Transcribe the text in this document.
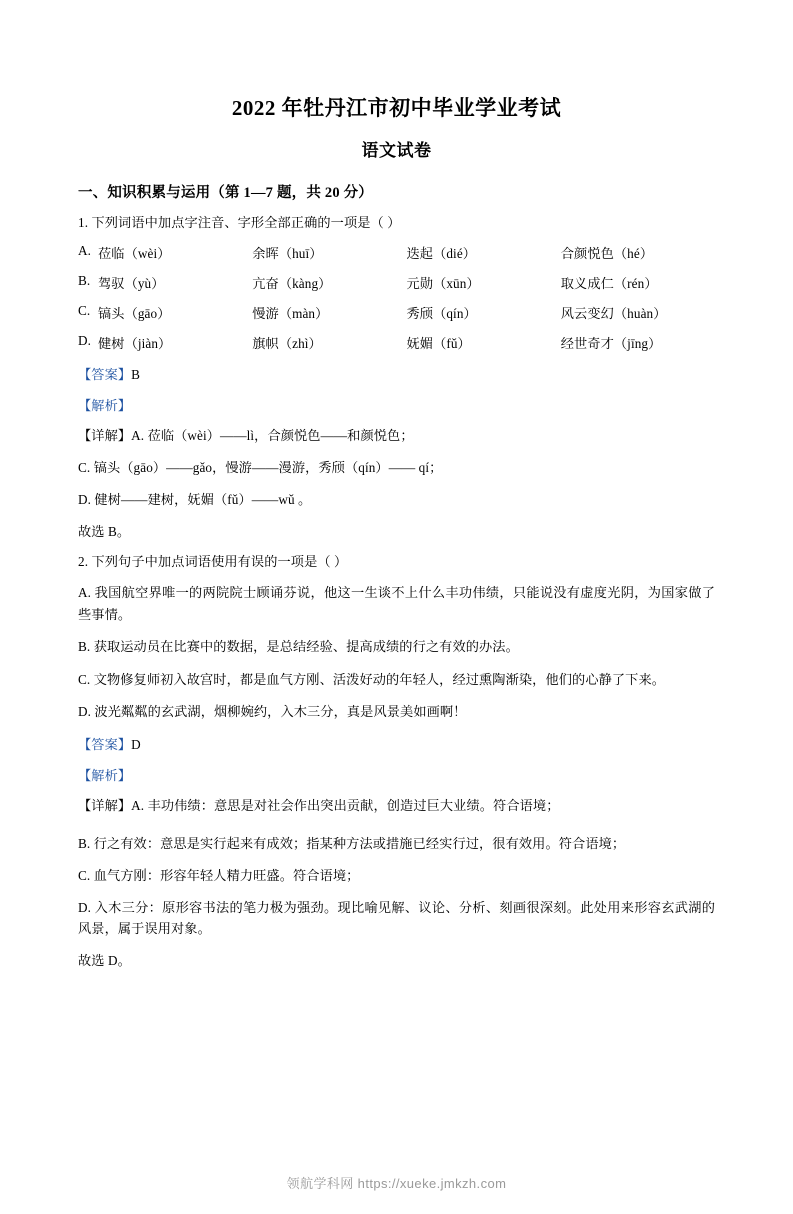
2022 年牡丹江市初中毕业学业考试
语文试卷
一、知识积累与运用（第 1—7 题，共 20 分）
1. 下列词语中加点字注音、字形全部正确的一项是（ ）
A. 莅临（wèi）	余晖（huī）	迭起（dié）	合颜悦色（hé）
B. 驾驭（yù）	亢奋（kàng）	元勋（xūn）	取义成仁（rén）
C. 镐头（gāo）	慢游（màn）	秀颀（qín）	风云变幻（huàn）
D. 健树（jiàn）	旗帜（zhì）	妩媚（fǔ）	经世奇才（jīng）
【答案】B
【解析】
【详解】A. 莅临（wèi）——lì，合颜悦色——和颜悦色；
C. 镐头（gāo）——gǎo，慢游——漫游，秀颀（qín）—— qí；
D. 健树——建树，妩媚（fǔ）——wǔ 。
故选 B。
2. 下列句子中加点词语使用有误的一项是（ ）
A. 我国航空界唯一的两院院士顾诵芬说，他这一生谈不上什么丰功伟绩，只能说没有虚度光阴，为国家做了些事情。
B. 获取运动员在比赛中的数据，是总结经验、提高成绩的行之有效的办法。
C. 文物修复师初入故宫时，都是血气方刚、活泼好动的年轻人，经过熏陶渐染，他们的心静了下来。
D. 波光粼粼的玄武湖，烟柳婉约，入木三分，真是风景美如画啊！
【答案】D
【解析】
【详解】A. 丰功伟绩：意思是对社会作出突出贡献，创造过巨大业绩。符合语境；
B. 行之有效：意思是实行起来有成效；指某种方法或措施已经实行过，很有效用。符合语境；
C. 血气方刚：形容年轻人精力旺盛。符合语境；
D. 入木三分：原形容书法的笔力极为强劲。现比喻见解、议论、分析、刻画很深刻。此处用来形容玄武湖的风景，属于误用对象。
故选 D。
领航学科网 https://xueke.jmkzh.com
